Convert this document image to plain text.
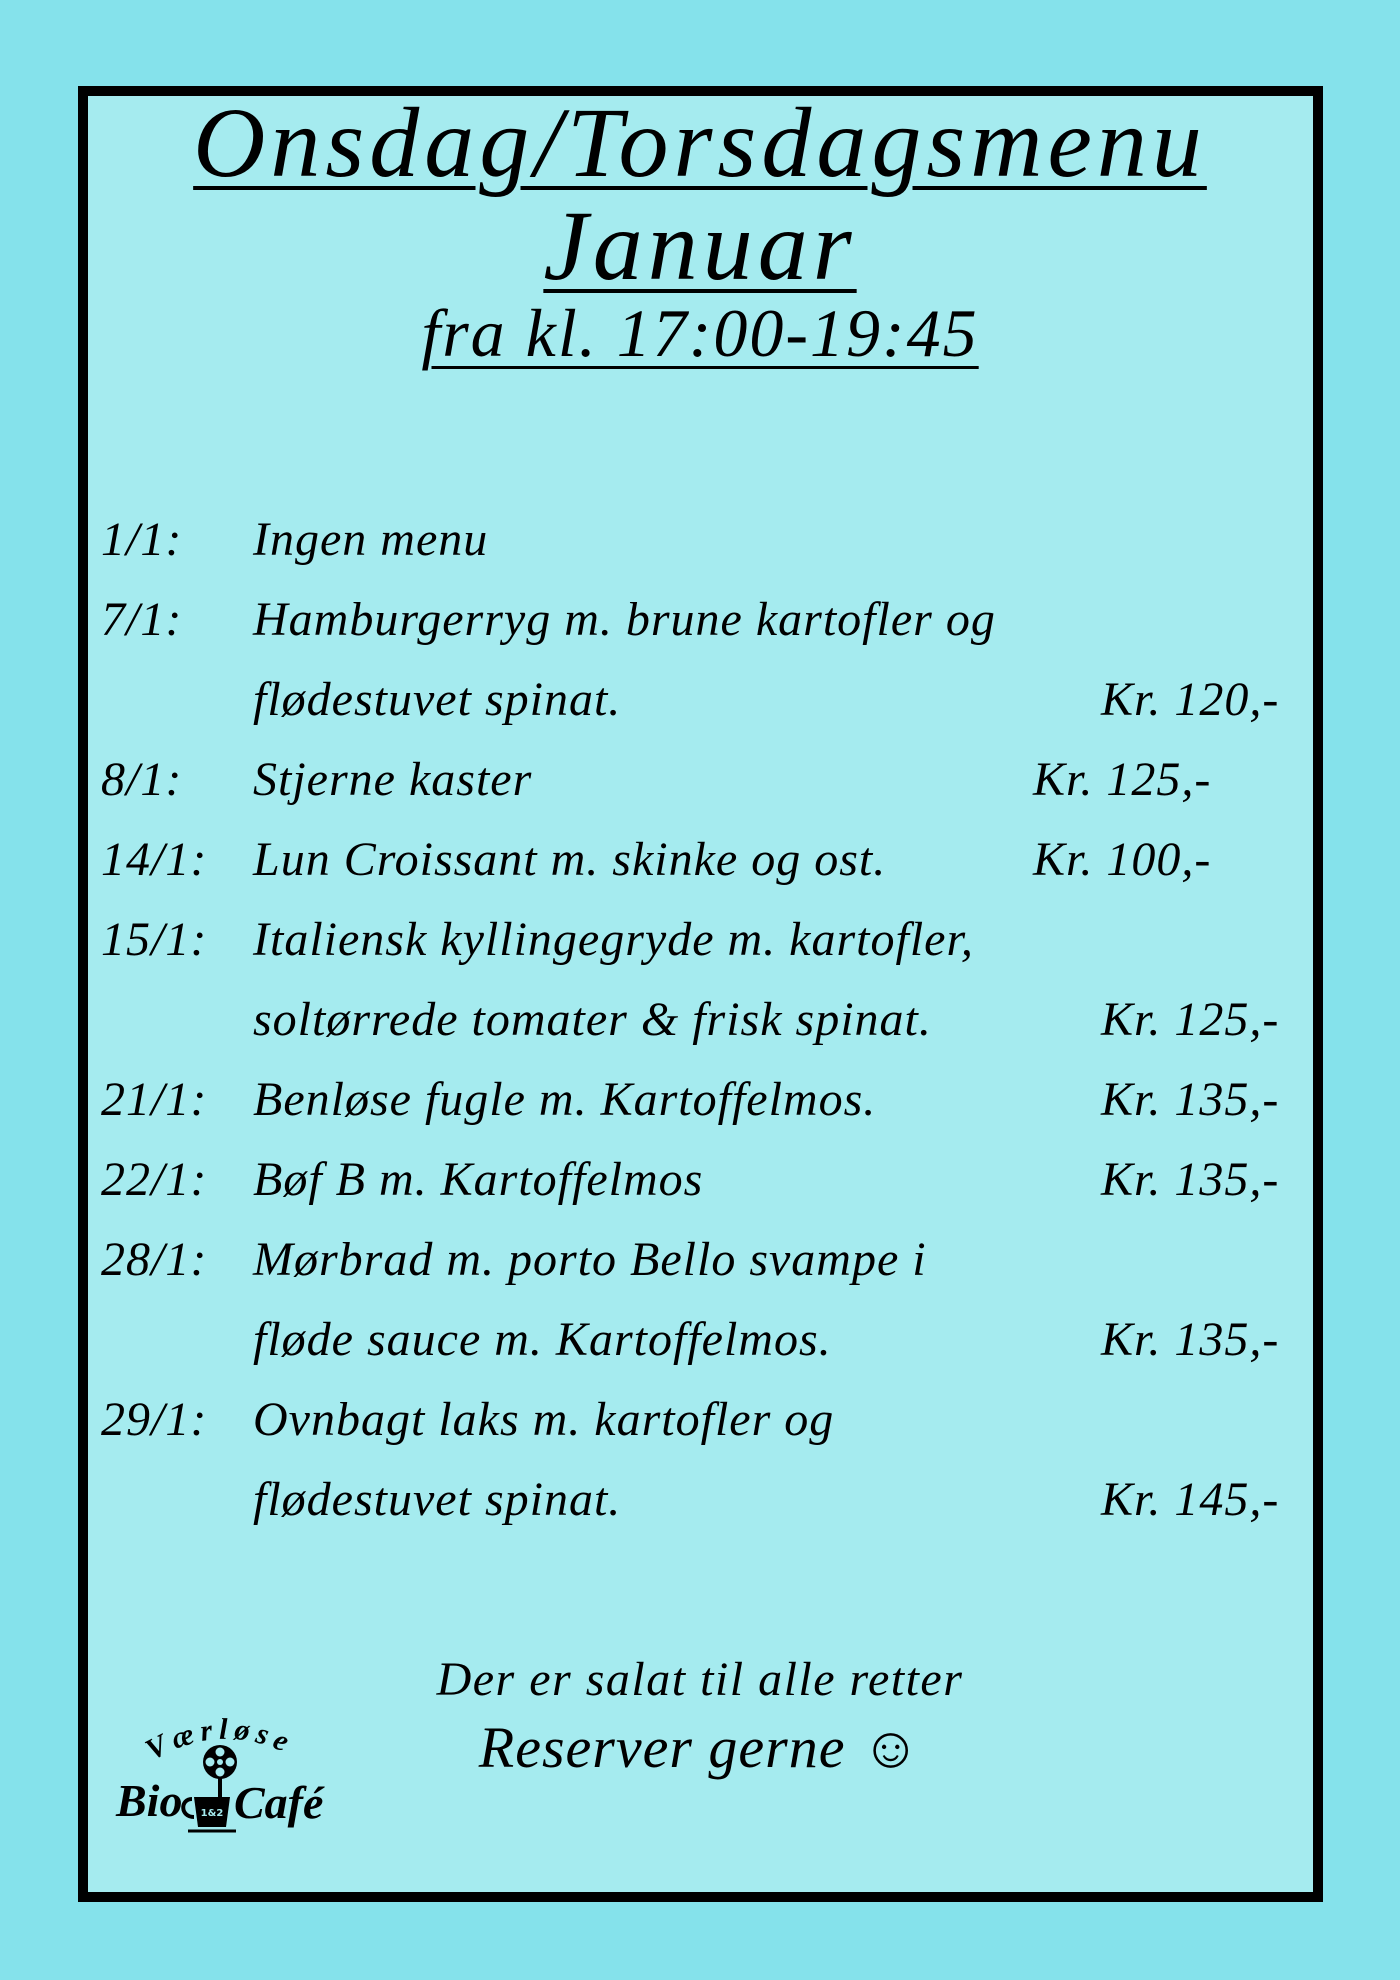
Onsdag/Torsdagsmenu
Januar
fra kl. 17:00-19:45
1/1: Ingen menu
7/1: Hamburgerryg m. brune kartofler og
flødestuvet spinat.	Kr. 120,-
8/1: Stjerne kaster	Kr. 125,-
14/1: Lun Croissant m. skinke og ost.	Kr. 100,-
15/1: Italiensk kyllingegryde m. kartofler,
soltørrede tomater & frisk spinat.	Kr. 125,-
21/1: Benløse fugle m. Kartoffelmos.	Kr. 135,-
22/1: Bøf B m. Kartoffelmos	Kr. 135,-
28/1: Mørbrad m. porto Bello svampe i
fløde sauce m. Kartoffelmos.	Kr. 135,-
29/1: Ovnbagt laks m. kartofler og
flødestuvet spinat.	Kr. 145,-
Der er salat til alle retter
Reserver gerne ☺
Værløse
1&2
Bio Café
